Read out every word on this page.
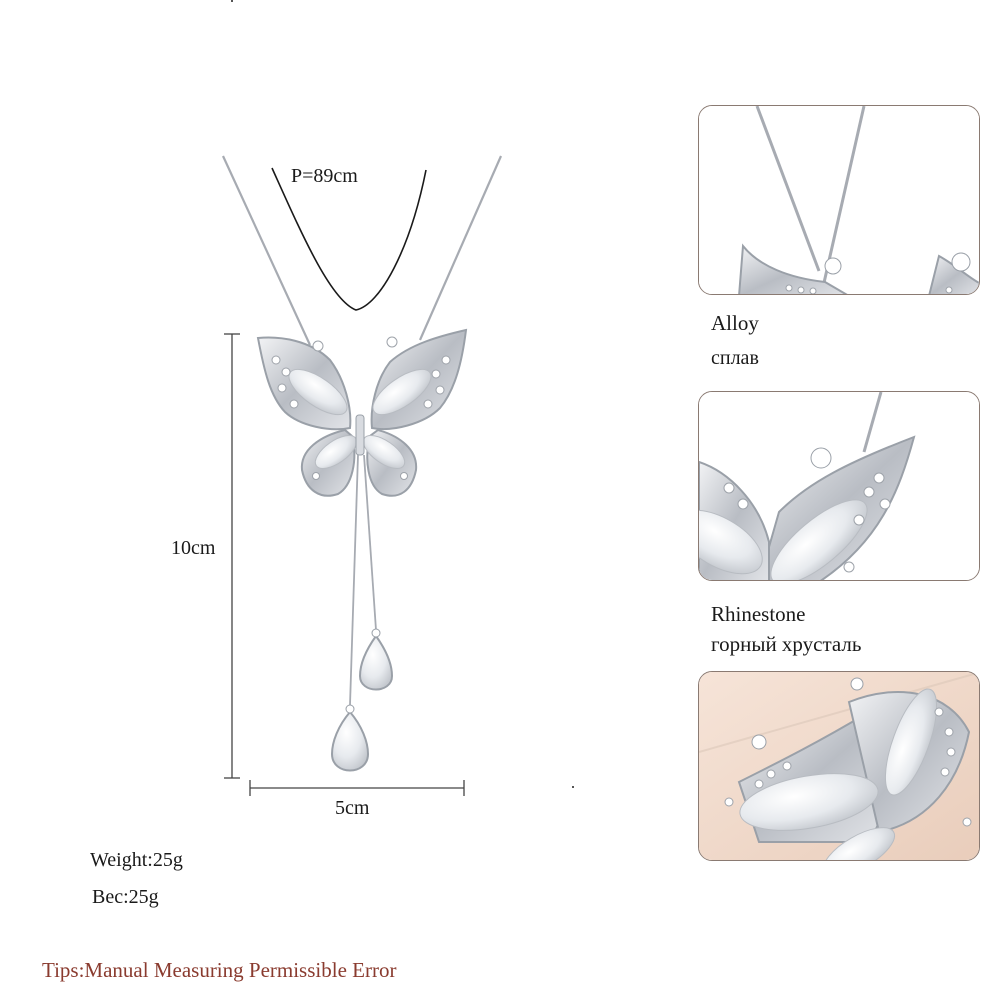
P=89cm
10cm
5cm
Weight:25g
Bec:25g
Alloy
сплав
Rhinestone
горный хрусталь
Tips:Manual Measuring Permissible Error
